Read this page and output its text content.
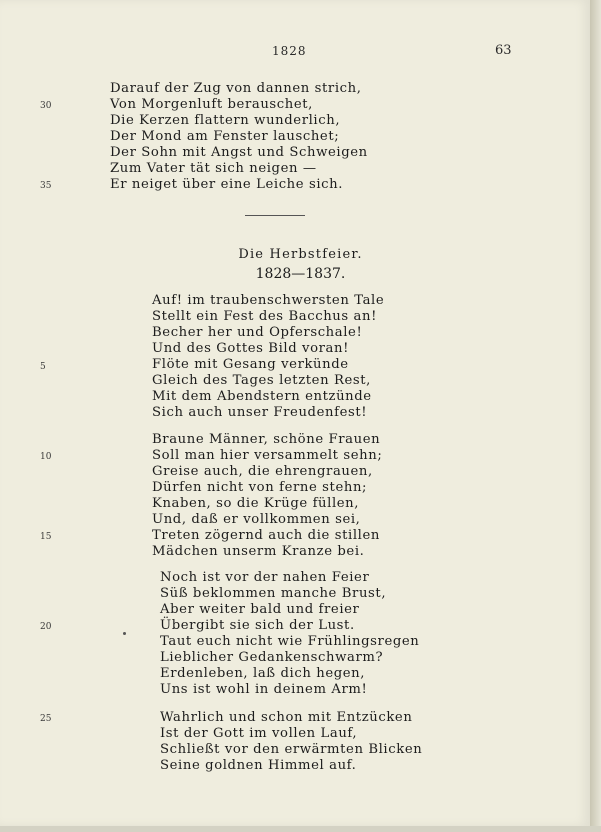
1828	63
Darauf der Zug von dannen strich,
Von Morgenluft berauschet,
Die Kerzen flattern wunderlich,
Der Mond am Fenster lauschet;
Der Sohn mit Angst und Schweigen
Zum Vater tät sich neigen —
Er neiget über eine Leiche sich.
30
35
Die Herbstfeier.
1828—1837.
Auf! im traubenschwersten Tale
Stellt ein Fest des Bacchus an!
Becher her und Opferschale!
Und des Gottes Bild voran!
Flöte mit Gesang verkünde
Gleich des Tages letzten Rest,
Mit dem Abendstern entzünde
Sich auch unser Freudenfest!
5
Braune Männer, schöne Frauen
Soll man hier versammelt sehn;
Greise auch, die ehrengrauen,
Dürfen nicht von ferne stehn;
Knaben, so die Krüge füllen,
Und, daß er vollkommen sei,
Treten zögernd auch die stillen
Mädchen unserm Kranze bei.
10
15
Noch ist vor der nahen Feier
Süß beklommen manche Brust,
Aber weiter bald und freier
Übergibt sie sich der Lust.
Taut euch nicht wie Frühlingsregen
Lieblicher Gedankenschwarm?
Erdenleben, laß dich hegen,
Uns ist wohl in deinem Arm!
20
Wahrlich und schon mit Entzücken
Ist der Gott im vollen Lauf,
Schließt vor den erwärmten Blicken
Seine goldnen Himmel auf.
25
